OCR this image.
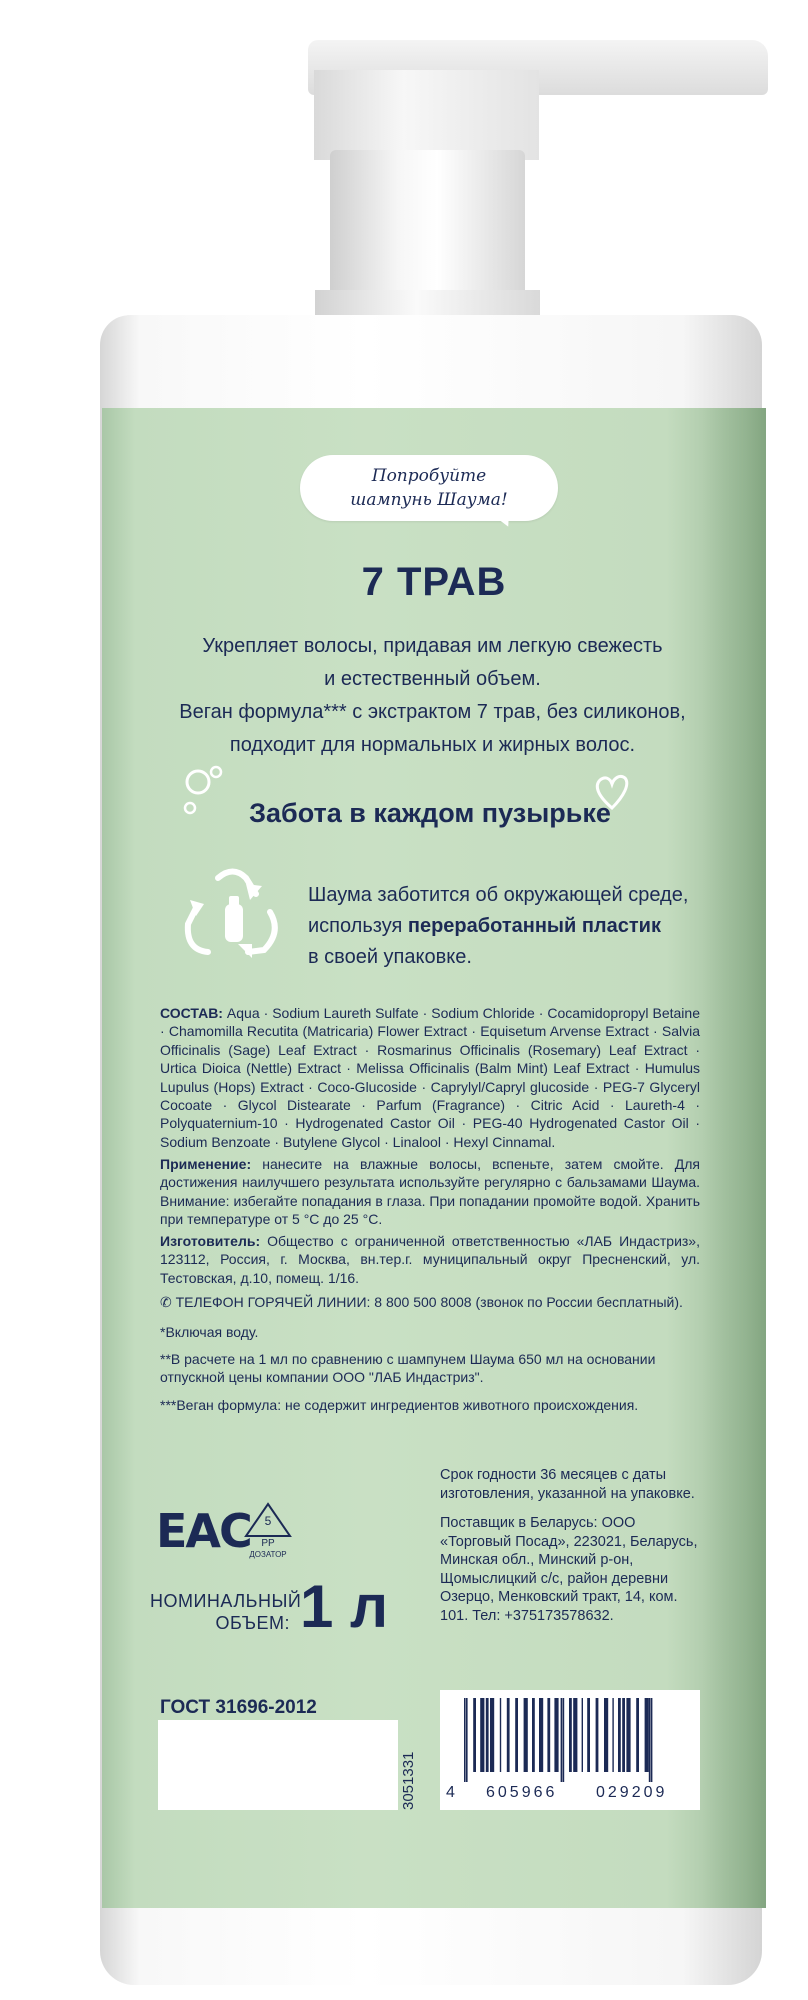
Попробуйте
шампунь Шаума!
7 ТРАВ
Укрепляет волосы, придавая им легкую свежесть
и естественный объем.
Веган формула*** с экстрактом 7 трав, без силиконов,
подходит для нормальных и жирных волос.
Забота в каждом пузырьке
Шаума заботится об окружающей среде,
используя переработанный пластик
в своей упаковке.
СОСТАВ: Aqua · Sodium Laureth Sulfate · Sodium Chloride · Cocamidopropyl Betaine · Chamomilla Recutita (Matricaria) Flower Extract · Equisetum Arvense Extract · Salvia Officinalis (Sage) Leaf Extract · Rosmarinus Officinalis (Rosemary) Leaf Extract · Urtica Dioica (Nettle) Extract · Melissa Officinalis (Balm Mint) Leaf Extract · Humulus Lupulus (Hops) Extract · Coco-Glucoside · Caprylyl/Capryl glucoside · PEG-7 Glyceryl Cocoate · Glycol Distearate · Parfum (Fragrance) · Citric Acid · Laureth-4 · Polyquaternium-10 · Hydrogenated Castor Oil · PEG-40 Hydrogenated Castor Oil · Sodium Benzoate · Butylene Glycol · Linalool · Hexyl Cinnamal.
Применение: нанесите на влажные волосы, вспеньте, затем смойте. Для достижения наилучшего результата используйте регулярно с бальзамами Шаума. Внимание: избегайте попадания в глаза. При попадании промойте водой. Хранить при температуре от 5 °С до 25 °С.
Изготовитель: Общество с ограниченной ответственностью «ЛАБ Индастриз», 123112, Россия, г. Москва, вн.тер.г. муниципальный округ Пресненский, ул. Тестовская, д.10, помещ. 1/16.
✆ ТЕЛЕФОН ГОРЯЧЕЙ ЛИНИИ: 8 800 500 8008 (звонок по России бесплатный).
*Включая воду.
**В расчете на 1 мл по сравнению с шампунем Шаума 650 мл на основании отпускной цены компании ООО "ЛАБ Индастриз".
***Веган формула: не содержит ингредиентов животного происхождения.
Срок годности 36 месяцев с даты изготовления, указанной на упаковке.
Поставщик в Беларусь: ООО «Торговый Посад», 223021, Беларусь, Минская обл., Минский р-он, Щомыслицкий с/с, район деревни Озерцо, Менковский тракт, 14, ком. 101. Тел: +375173578632.
ЕАС	5
PP
ДОЗАТОР
НОМИНАЛЬНЫЙ
ОБЪЕМ: 1 л
ГОСТ 31696-2012
3051331 4 605966 029209
